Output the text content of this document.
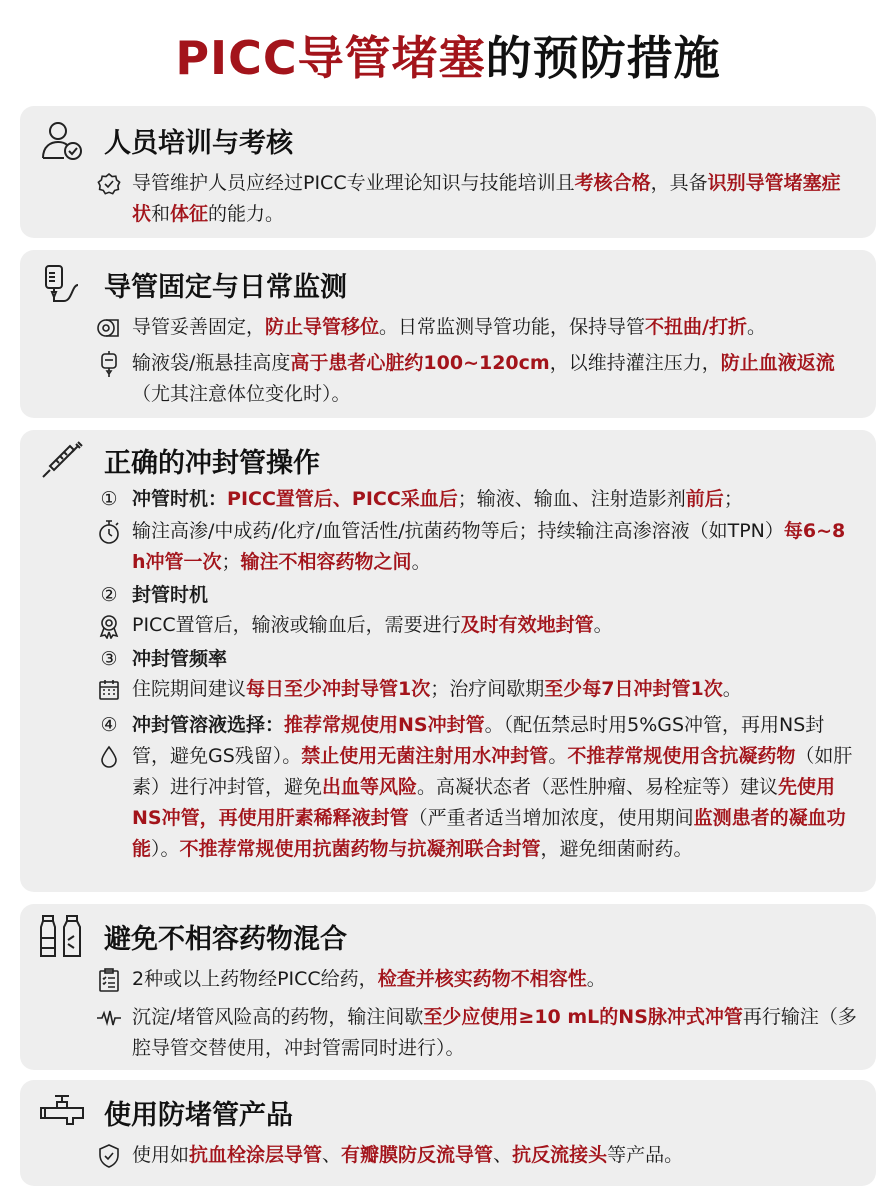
PICC导管堵塞的预防措施
人员培训与考核
导管维护人员应经过PICC专业理论知识与技能培训且考核合格，具备识别导管堵塞症状和体征的能力。
导管固定与日常监测
导管妥善固定，防止导管移位。日常监测导管功能，保持导管不扭曲/打折。
输液袋/瓶悬挂高度高于患者心脏约100~120cm，以维持灌注压力，防止血液返流（尤其注意体位变化时）。
正确的冲封管操作
① 冲管时机： PICC置管后、PICC采血后；输液、输血、注射造影剂前后；
输注高渗/中成药/化疗/血管活性/抗菌药物等后；持续输注高渗溶液（如TPN）每6~8 h冲管一次；输注不相容药物之间。
② 封管时机
PICC置管后，输液或输血后，需要进行及时有效地封管。
③ 冲封管频率
住院期间建议每日至少冲封导管1次；治疗间歇期至少每7日冲封管1次。
④ 冲封管溶液选择：推荐常规使用NS冲封管。（配伍禁忌时用5%GS冲管，再用NS封管，避免GS残留）。禁止使用无菌注射用水冲封管。不推荐常规使用含抗凝药物（如肝素）进行冲封管，避免出血等风险。高凝状态者（恶性肿瘤、易栓症等）建议先使用NS冲管，再使用肝素稀释液封管（严重者适当增加浓度，使用期间监测患者的凝血功能）。不推荐常规使用抗菌药物与抗凝剂联合封管，避免细菌耐药。
避免不相容药物混合
2种或以上药物经PICC给药，检查并核实药物不相容性。
沉淀/堵管风险高的药物，输注间歇至少应使用≥10 mL的NS脉冲式冲管再行输注（多腔导管交替使用，冲封管需同时进行）。
使用防堵管产品
使用如抗血栓涂层导管、有瓣膜防反流导管、抗反流接头等产品。
